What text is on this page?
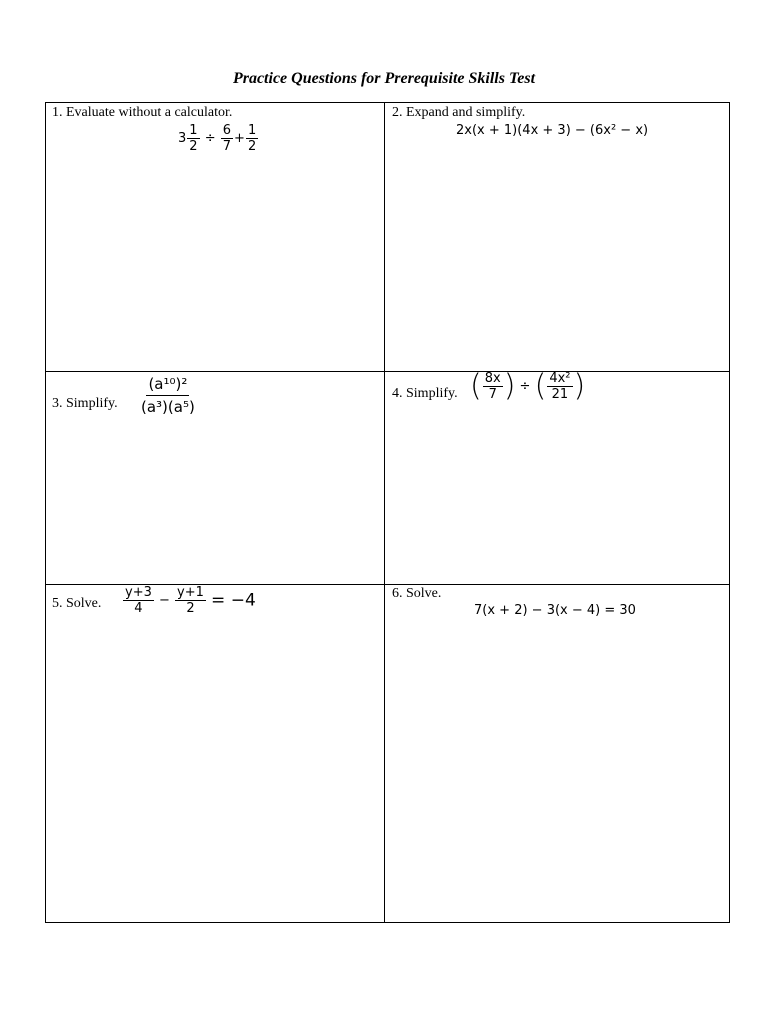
Practice Questions for Prerequisite Skills Test
1. Evaluate without a calculator.
$3 \frac{1}{2} \div \frac{6}{7} + \frac{1}{2}$
2. Expand and simplify.
2x(x + 1)(4x + 3) − (6x² − x)
3. Simplify. $\frac{\text{(a¹⁰)²}}{\text{(a³)(a⁵)}}$	4. Simplify. ( $\frac{8x}{7}$ ) ÷ ( $\frac{\text{4x²}}{21}$ )
5. Solve. $\frac{y+3}{4} - \frac{y+1}{2} = -4$	6. Solve.
7(x + 2) − 3(x − 4) = 30
